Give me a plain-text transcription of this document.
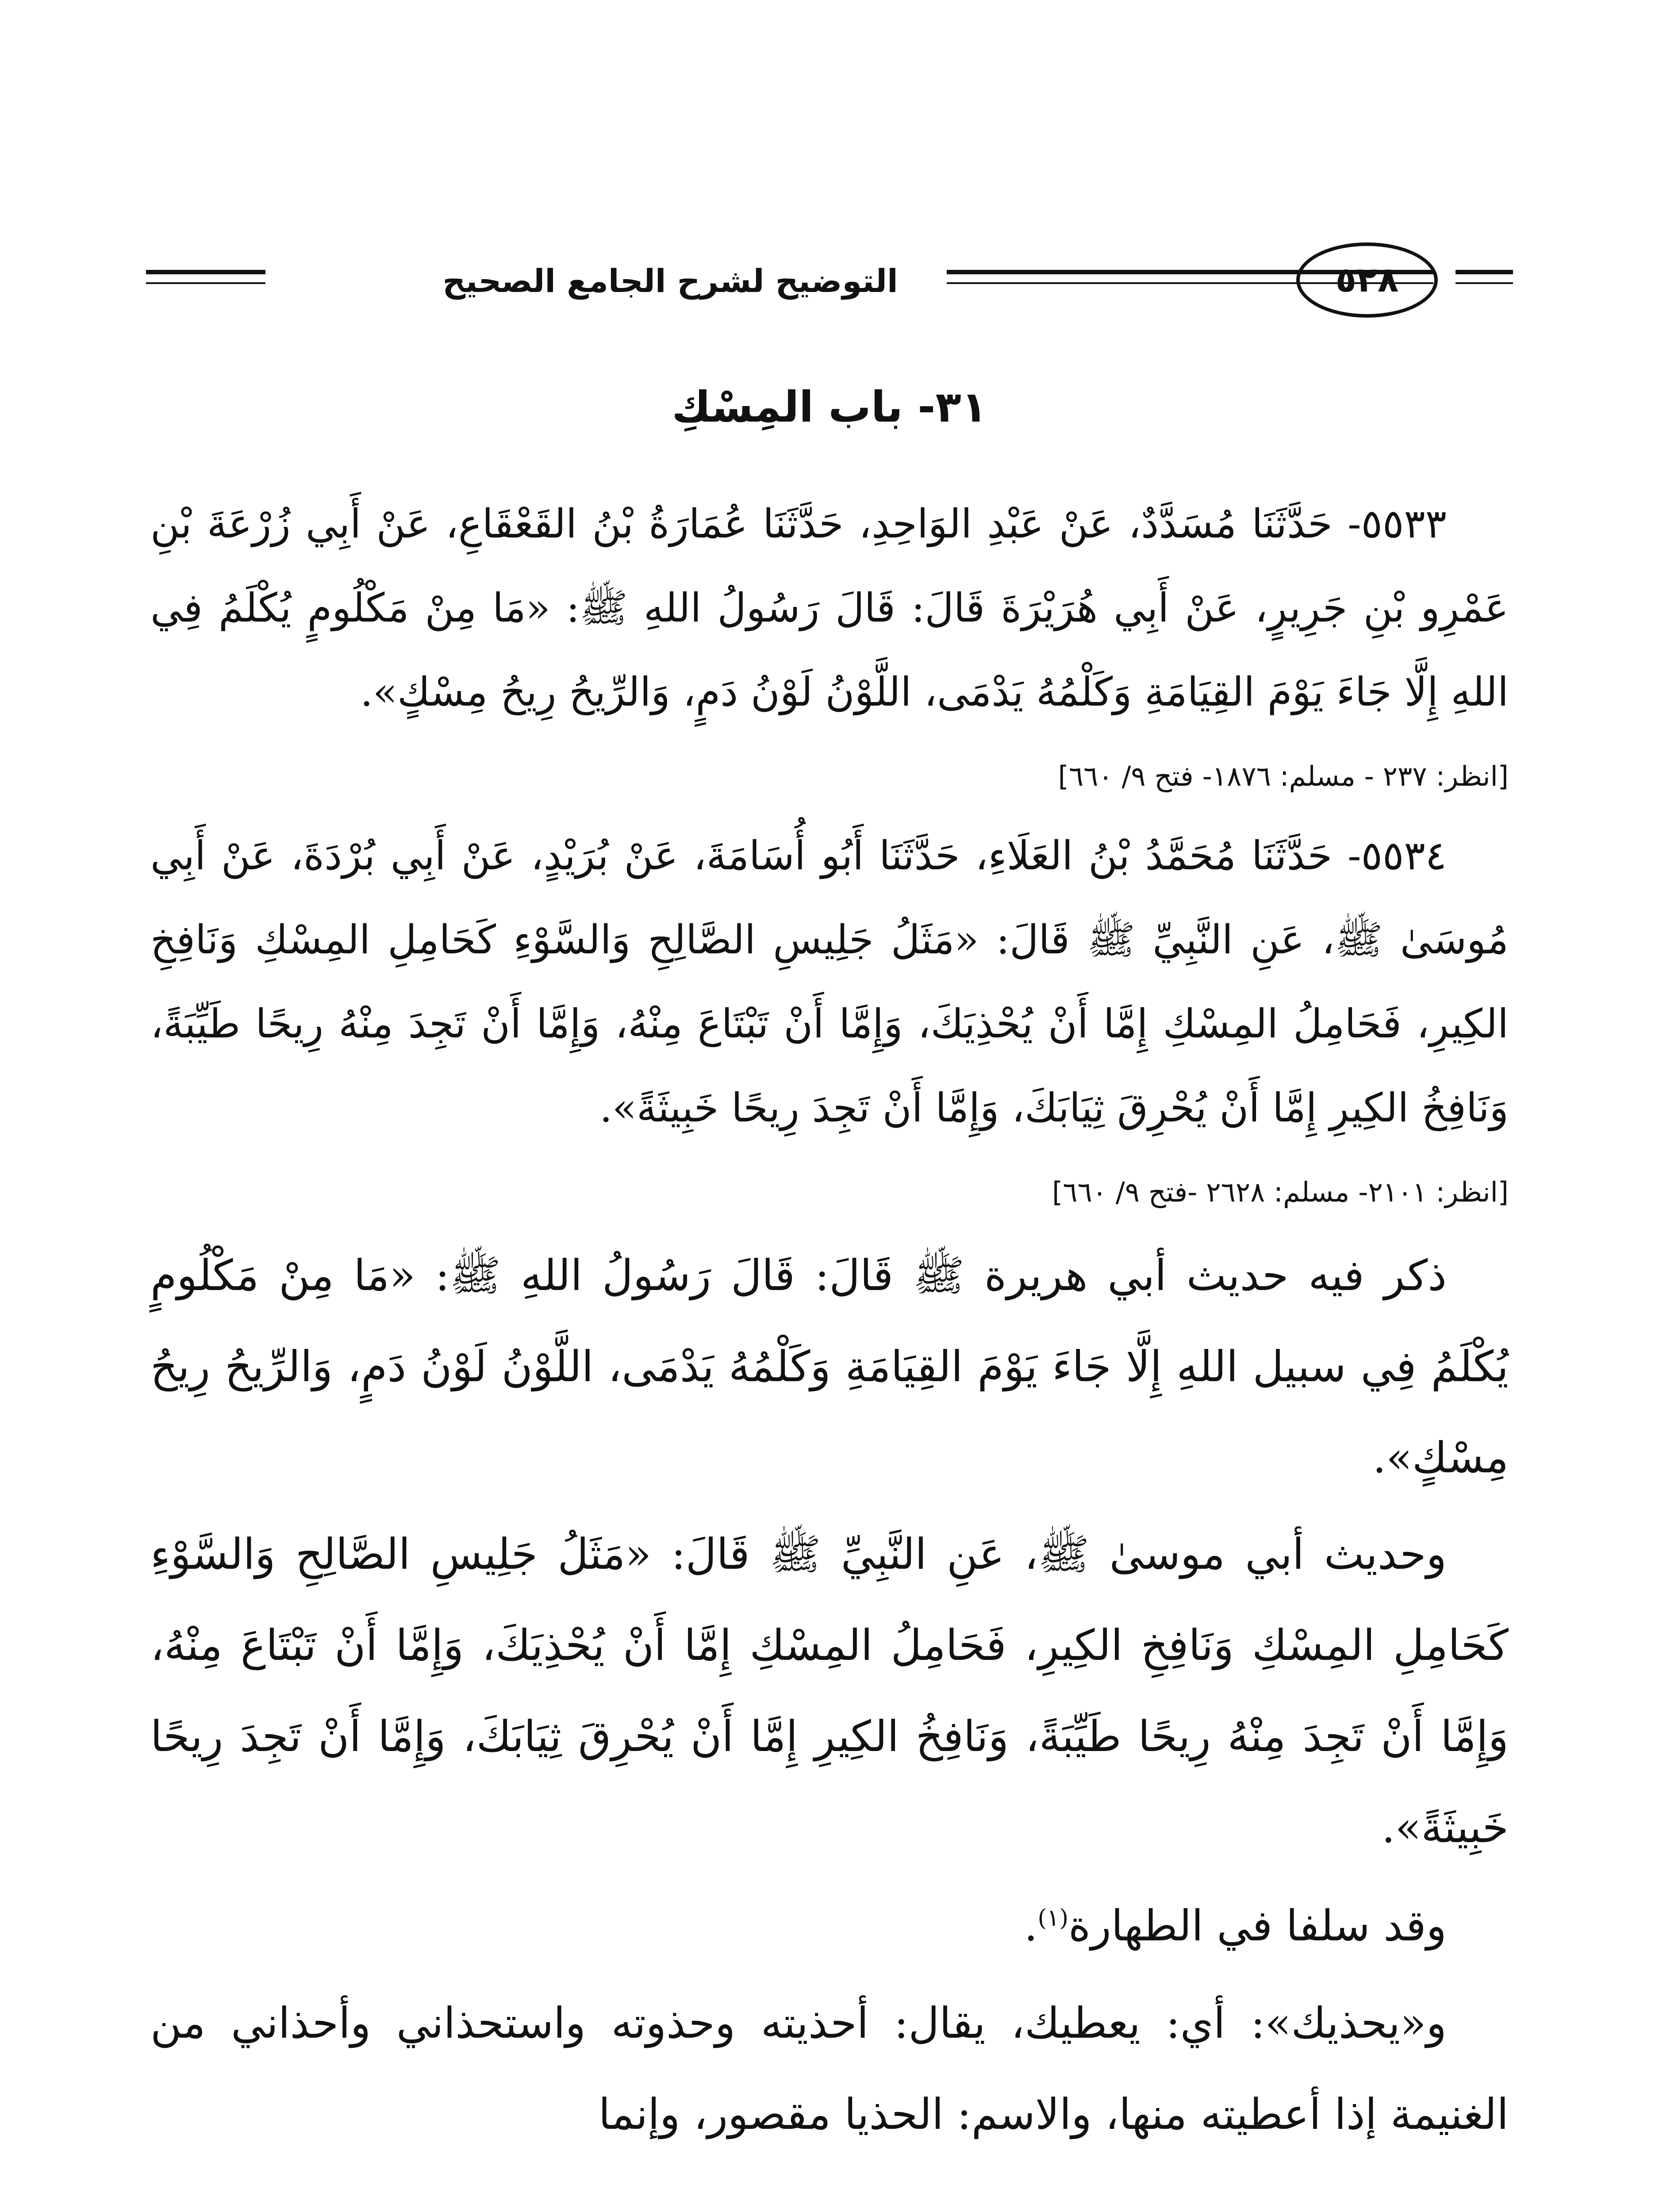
التوضيح لشرح الجامع الصحيح	٥٢٨
٣١- باب المِسْكِ
٥٥٣٣- حَدَّثَنَا مُسَدَّدٌ، عَنْ عَبْدِ الوَاحِدِ، حَدَّثَنَا عُمَارَةُ بْنُ القَعْقَاعِ، عَنْ أَبِي زُرْعَةَ بْنِ عَمْرِو بْنِ جَرِيرٍ، عَنْ أَبِي هُرَيْرَةَ قَالَ: قَالَ رَسُولُ اللهِ ﷺ: «مَا مِنْ مَكْلُومٍ يُكْلَمُ فِي اللهِ إِلَّا جَاءَ يَوْمَ القِيَامَةِ وَكَلْمُهُ يَدْمَى، اللَّوْنُ لَوْنُ دَمٍ، وَالرِّيحُ رِيحُ مِسْكٍ».
[انظر: ٢٣٧ - مسلم: ١٨٧٦- فتح ٩/ ٦٦٠]
٥٥٣٤- حَدَّثَنَا مُحَمَّدُ بْنُ العَلَاءِ، حَدَّثَنَا أَبُو أُسَامَةَ، عَنْ بُرَيْدٍ، عَنْ أَبِي بُرْدَةَ، عَنْ أَبِي مُوسَىٰ ﷺ، عَنِ النَّبِيِّ ﷺ قَالَ: «مَثَلُ جَلِيسِ الصَّالِحِ وَالسَّوْءِ كَحَامِلِ المِسْكِ وَنَافِخِ الكِيرِ، فَحَامِلُ المِسْكِ إِمَّا أَنْ يُحْذِيَكَ، وَإِمَّا أَنْ تَبْتَاعَ مِنْهُ، وَإِمَّا أَنْ تَجِدَ مِنْهُ رِيحًا طَيِّبَةً، وَنَافِخُ الكِيرِ إِمَّا أَنْ يُحْرِقَ ثِيَابَكَ، وَإِمَّا أَنْ تَجِدَ رِيحًا خَبِيثَةً».
[انظر: ٢١٠١- مسلم: ٢٦٢٨ -فتح ٩/ ٦٦٠]
ذكر فيه حديث أبي هريرة ﷺ قَالَ: قَالَ رَسُولُ اللهِ ﷺ: «مَا مِنْ مَكْلُومٍ يُكْلَمُ فِي سبيل اللهِ إِلَّا جَاءَ يَوْمَ القِيَامَةِ وَكَلْمُهُ يَدْمَى، اللَّوْنُ لَوْنُ دَمٍ، وَالرِّيحُ رِيحُ مِسْكٍ».
وحديث أبي موسىٰ ﷺ، عَنِ النَّبِيِّ ﷺ قَالَ: «مَثَلُ جَلِيسِ الصَّالِحِ وَالسَّوْءِ كَحَامِلِ المِسْكِ وَنَافِخِ الكِيرِ، فَحَامِلُ المِسْكِ إِمَّا أَنْ يُحْذِيَكَ، وَإِمَّا أَنْ تَبْتَاعَ مِنْهُ، وَإِمَّا أَنْ تَجِدَ مِنْهُ رِيحًا طَيِّبَةً، وَنَافِخُ الكِيرِ إِمَّا أَنْ يُحْرِقَ ثِيَابَكَ، وَإِمَّا أَنْ تَجِدَ رِيحًا خَبِيثَةً».
وقد سلفا في الطهارة$^{(١)}$.
و«يحذيك»: أي: يعطيك، يقال: أحذيته وحذوته واستحذاني وأحذاني من الغنيمة إذا أعطيته منها، والاسم: الحذيا مقصور، وإنما
